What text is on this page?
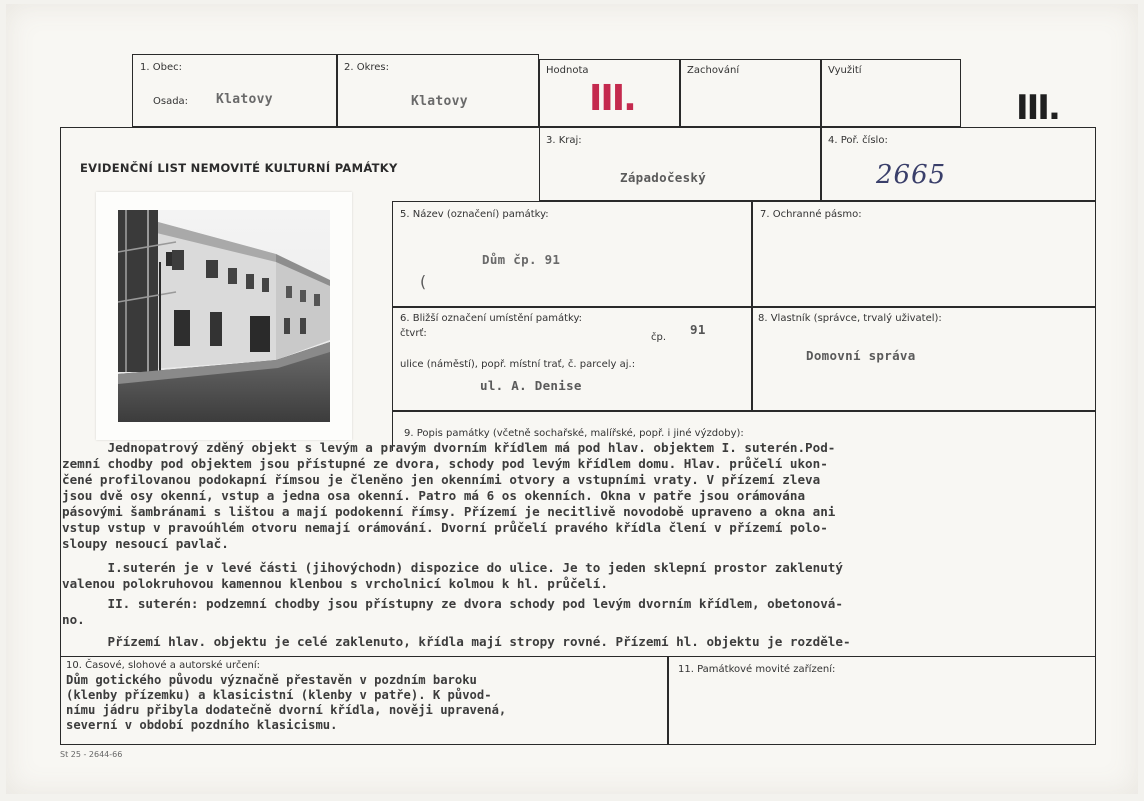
1. Obec:
Osada: Klatovy
2. Okres:
Klatovy
Hodnota
III.
Zachování	Využití
III.
EVIDENČNÍ LIST NEMOVITÉ KULTURNÍ PAMÁTKY
3. Kraj:
Západočeský
4. Poř. číslo:
2665
5. Název (označení) památky:
Dům čp. 91
(
7. Ochranné pásmo:
6. Bližší označení umístění památky:
čtvrť:	čp.
91
ulice (náměstí), popř. místní trať, č. parcely aj.:
ul. A. Denise
8. Vlastník (správce, trvalý uživatel):
Domovní správa
9. Popis památky (včetně sochařské, malířské, popř. i jiné výzdoby):
Jednopatrový zděný objekt s levým a pravým dvorním křídlem má pod hlav. objektem I. suterén.Pod-
zemní chodby pod objektem jsou přístupné ze dvora, schody pod levým křídlem domu. Hlav. průčelí ukon-
čené profilovanou podokapní římsou je členěno jen okenními otvory a vstupními vraty. V přízemí zleva
jsou dvě osy okenní, vstup a jedna osa okenní. Patro má 6 os okenních. Okna v patře jsou orámována
pásovými šambránami s lištou a mají podokenní římsy. Přízemí je necitlivě novodobě upraveno a okna ani
vstup vstup v pravoúhlém otvoru nemají orámování. Dvorní průčelí pravého křídla člení v přízemí polo-
sloupy nesoucí pavlač.
I.suterén je v levé části (jihovýchodn) dispozice do ulice. Je to jeden sklepní prostor zaklenutý
valenou polokruhovou kamennou klenbou s vrcholnicí kolmou k hl. průčelí.
II. suterén: podzemní chodby jsou přístupny ze dvora schody pod levým dvorním křídlem, obetonová-
no.
Přízemí hlav. objektu je celé zaklenuto, křídla mají stropy rovné. Přízemí hl. objektu je rozděle-
10. Časové, slohové a autorské určení:
Dům gotického původu význačně přestavěn v pozdním baroku
(klenby přízemku) a klasicistní (klenby v patře). K původ-
nímu jádru přibyla dodatečně dvorní křídla, nověji upravená,
severní v období pozdního klasicismu.
11. Památkové movité zařízení:
St 25 - 2644-66
